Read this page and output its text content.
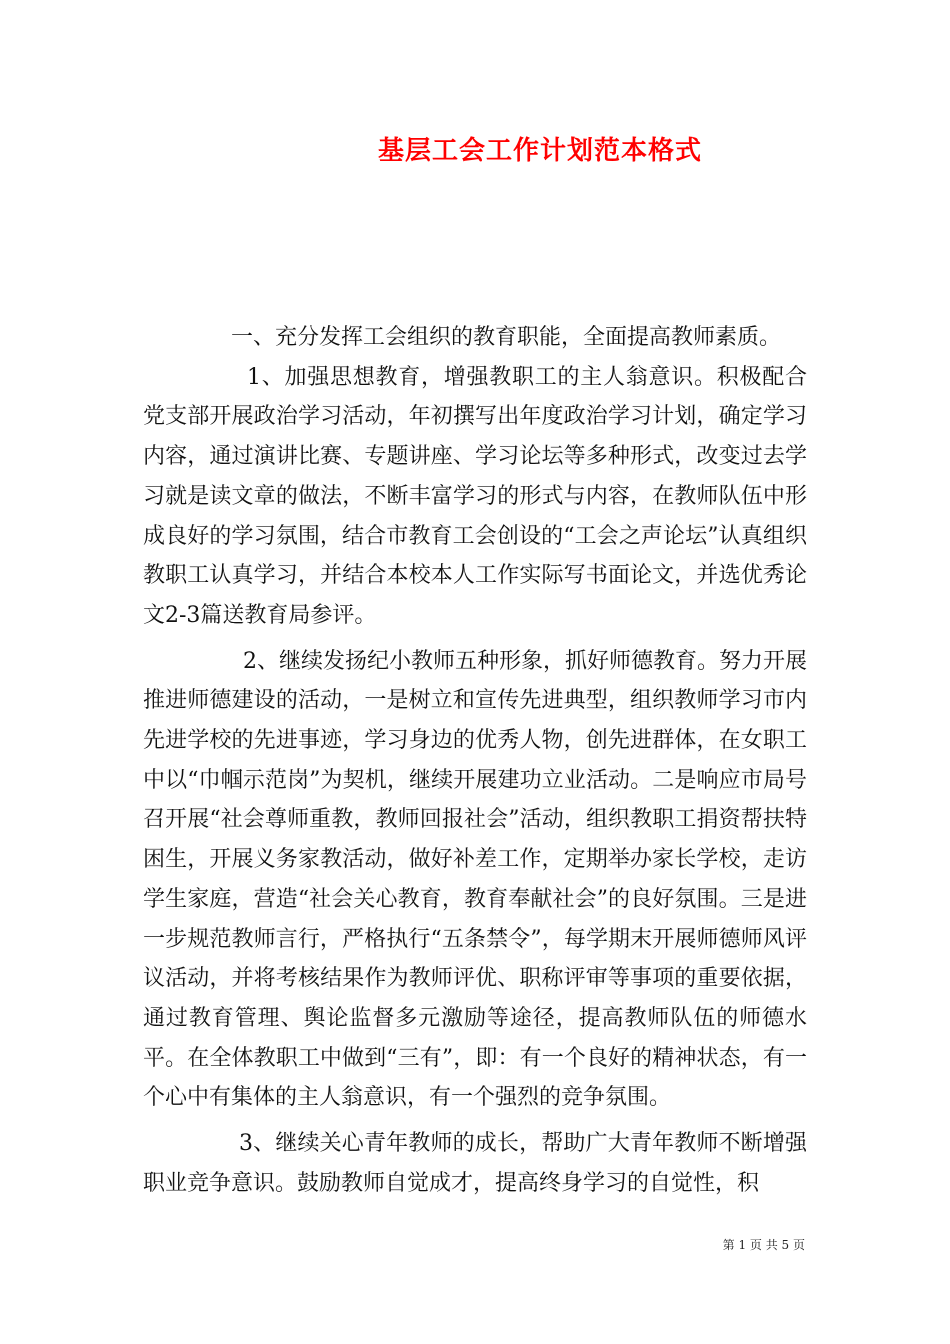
基层工会工作计划范本格式

一、充分发挥工会组织的教育职能，全面提高教师素质。

1、加强思想教育，增强教职工的主人翁意识。积极配合党支部开展政治学习活动，年初撰写出年度政治学习计划，确定学习内容，通过演讲比赛、专题讲座、学习论坛等多种形式，改变过去学习就是读文章的做法，不断丰富学习的形式与内容，在教师队伍中形成良好的学习氛围，结合市教育工会创设的“工会之声论坛”认真组织教职工认真学习，并结合本校本人工作实际写书面论文，并选优秀论文2-3篇送教育局参评。

2、继续发扬纪小教师五种形象，抓好师德教育。努力开展推进师德建设的活动，一是树立和宣传先进典型，组织教师学习市内先进学校的先进事迹，学习身边的优秀人物，创先进群体，在女职工中以“巾帼示范岗”为契机，继续开展建功立业活动。二是响应市局号召开展“社会尊师重教，教师回报社会”活动，组织教职工捐资帮扶特困生，开展义务家教活动，做好补差工作，定期举办家长学校，走访学生家庭，营造“社会关心教育，教育奉献社会”的良好氛围。三是进一步规范教师言行，严格执行“五条禁令”，每学期末开展师德师风评议活动，并将考核结果作为教师评优、职称评审等事项的重要依据，通过教育管理、舆论监督多元激励等途径，提高教师队伍的师德水平。在全体教职工中做到“三有”，即：有一个良好的精神状态，有一个心中有集体的主人翁意识，有一个强烈的竞争氛围。

3、继续关心青年教师的成长，帮助广大青年教师不断增强职业竞争意识。鼓励教师自觉成才，提高终身学习的自觉性，积

第 1 页 共 5 页
